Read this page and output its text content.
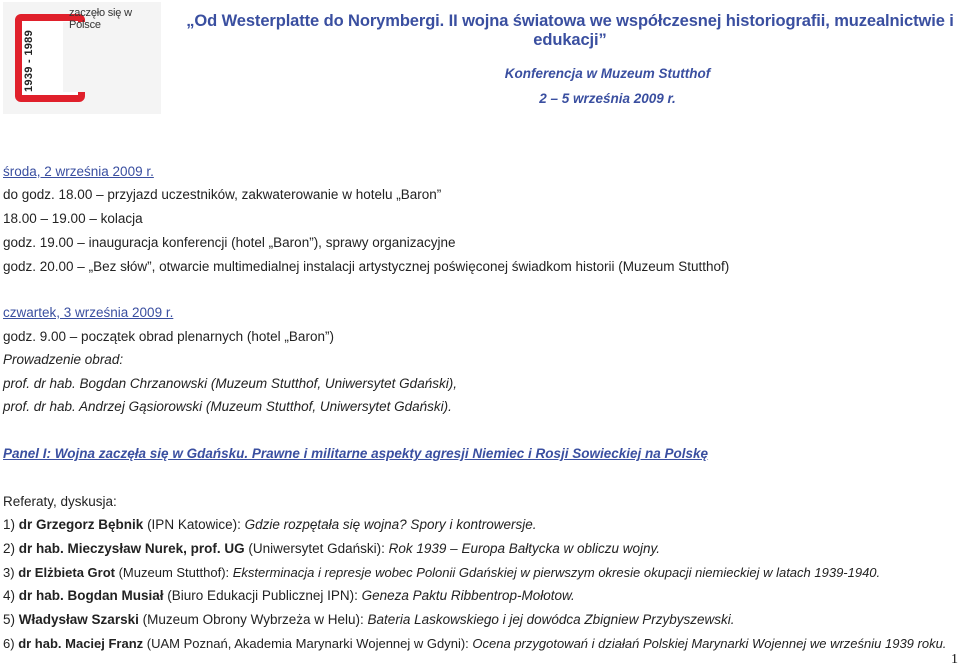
zaczęło się w Polsce
1939 - 1989
„Od Westerplatte do Norymbergi. II wojna światowa we współczesnej historiografii, muzealnictwie i edukacji”
Konferencja w Muzeum Stutthof
2 – 5 września 2009 r.
środa, 2 września 2009 r.
do godz. 18.00 – przyjazd uczestników, zakwaterowanie w hotelu „Baron”
18.00 – 19.00 – kolacja
godz. 19.00 – inauguracja konferencji (hotel „Baron”), sprawy organizacyjne
godz. 20.00 – „Bez słów”, otwarcie multimedialnej instalacji artystycznej poświęconej świadkom historii (Muzeum Stutthof)
czwartek, 3 września 2009 r.
godz. 9.00 – początek obrad plenarnych (hotel „Baron”)
Prowadzenie obrad:
prof. dr hab. Bogdan Chrzanowski (Muzeum Stutthof, Uniwersytet Gdański),
prof. dr hab. Andrzej Gąsiorowski (Muzeum Stutthof, Uniwersytet Gdański).
Panel I: Wojna zaczęła się w Gdańsku. Prawne i militarne aspekty agresji Niemiec i Rosji Sowieckiej na Polskę
Referaty, dyskusja:
1) dr Grzegorz Bębnik (IPN Katowice): Gdzie rozpętała się wojna? Spory i kontrowersje.
2) dr hab. Mieczysław Nurek, prof. UG (Uniwersytet Gdański): Rok 1939 – Europa Bałtycka w obliczu wojny.
3) dr Elżbieta Grot (Muzeum Stutthof): Eksterminacja i represje wobec Polonii Gdańskiej w pierwszym okresie okupacji niemieckiej w latach 1939-1940.
4) dr hab. Bogdan Musiał (Biuro Edukacji Publicznej IPN): Geneza Paktu Ribbentrop-Mołotow.
5) Władysław Szarski (Muzeum Obrony Wybrzeża w Helu): Bateria Laskowskiego i jej dowódca Zbigniew Przybyszewski.
6) dr hab. Maciej Franz (UAM Poznań, Akademia Marynarki Wojennej w Gdyni): Ocena przygotowań i działań Polskiej Marynarki Wojennej we wrześniu 1939 roku.
1
